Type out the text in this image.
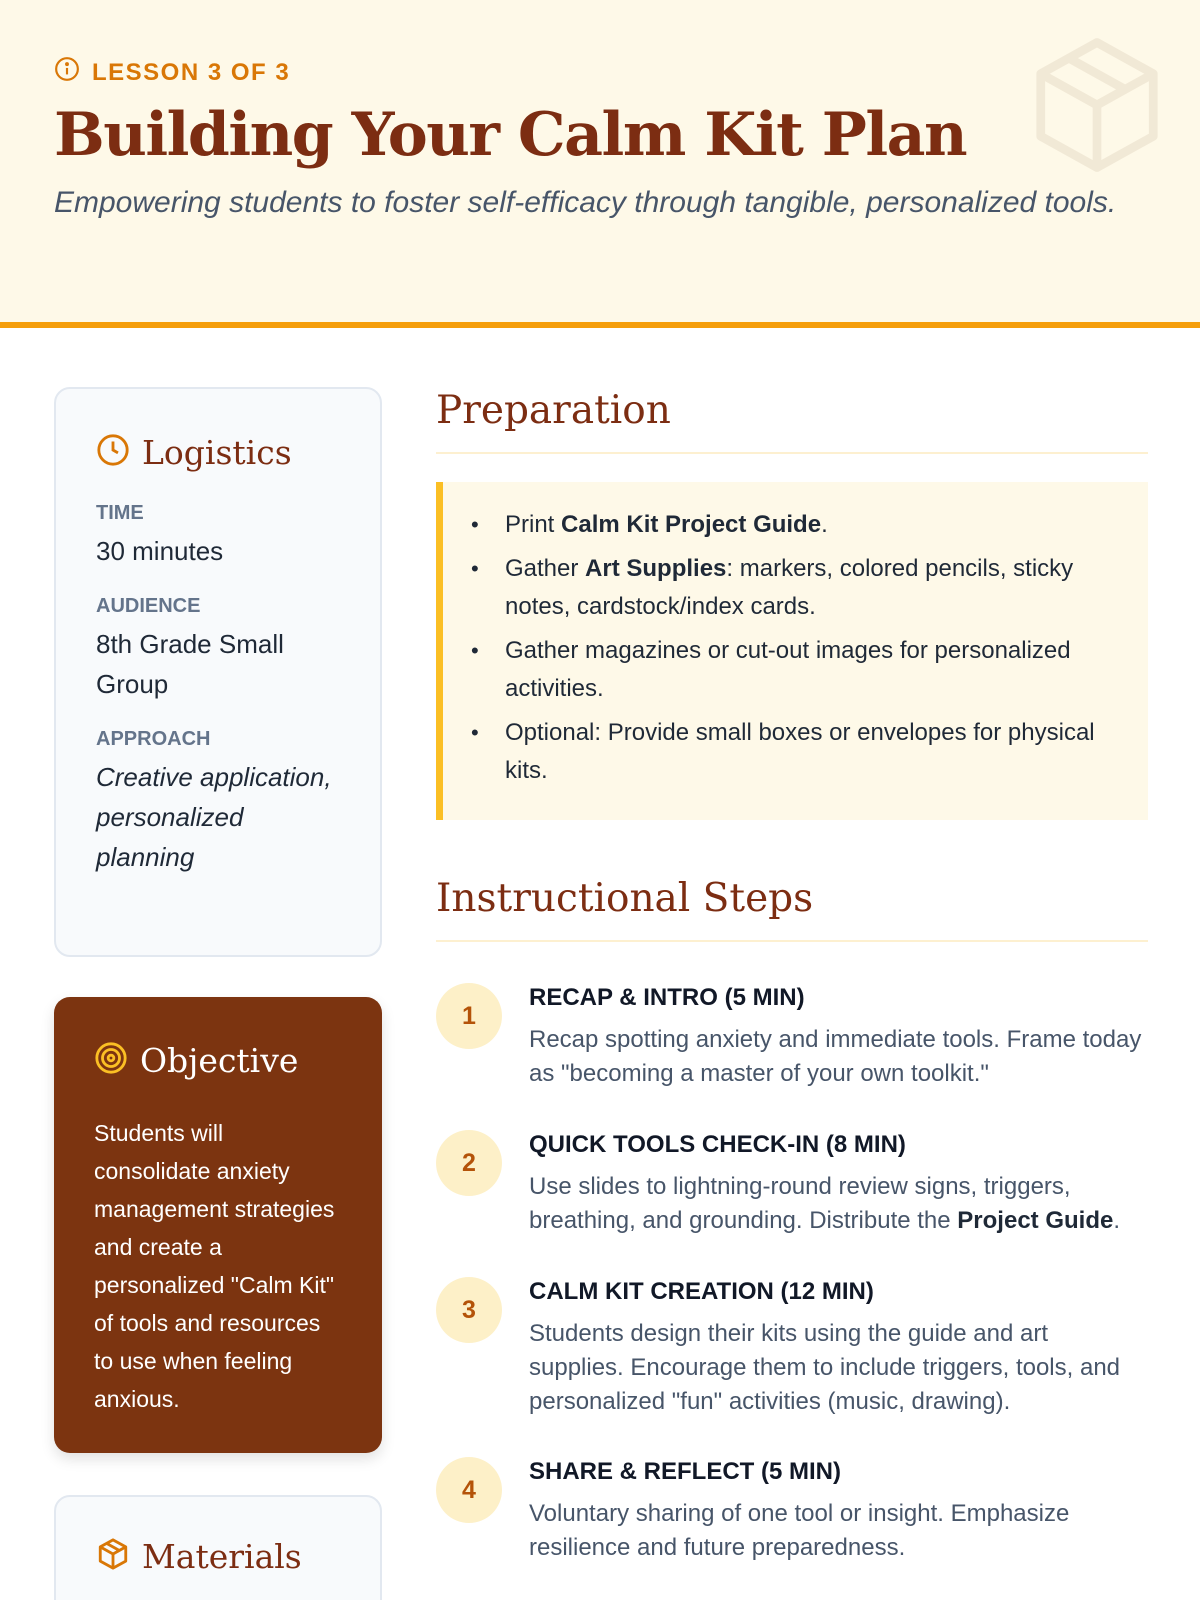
LESSON 3 OF 3
Building Your Calm Kit Plan
Empowering students to foster self-efficacy through tangible, personalized tools.
Logistics
TIME
30 minutes
AUDIENCE
8th Grade Small Group
APPROACH
Creative application, personalized planning
Objective
Students will consolidate anxiety management strategies and create a personalized "Calm Kit" of tools and resources to use when feeling anxious.
Materials
Preparation
• Print Calm Kit Project Guide.
• Gather Art Supplies: markers, colored pencils, sticky notes, cardstock/index cards.
• Gather magazines or cut-out images for personalized activities.
• Optional: Provide small boxes or envelopes for physical kits.
Instructional Steps
1
RECAP & INTRO (5 MIN)
Recap spotting anxiety and immediate tools. Frame today as "becoming a master of your own toolkit."
2
QUICK TOOLS CHECK-IN (8 MIN)
Use slides to lightning-round review signs, triggers, breathing, and grounding. Distribute the Project Guide.
3
CALM KIT CREATION (12 MIN)
Students design their kits using the guide and art supplies. Encourage them to include triggers, tools, and personalized "fun" activities (music, drawing).
4
SHARE & REFLECT (5 MIN)
Voluntary sharing of one tool or insight. Emphasize resilience and future preparedness.
